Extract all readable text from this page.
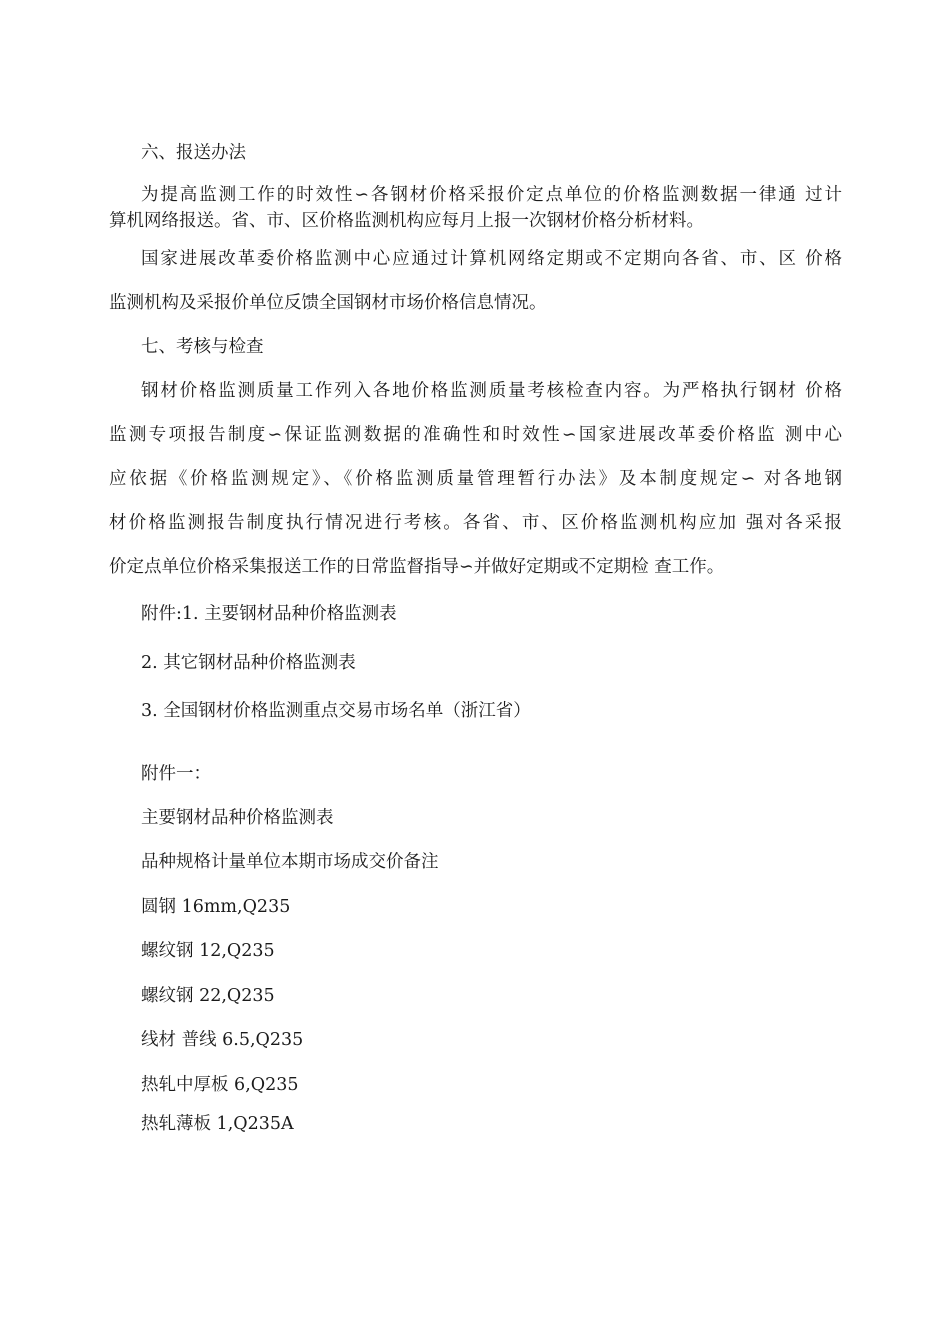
六、报送办法

为提高监测工作的时效性∽各钢材价格采报价定点单位的价格监测数据一律通 过计

算机网络报送。省、市、区价格监测机构应每月上报一次钢材价格分析材料。

国家进展改革委价格监测中心应通过计算机网络定期或不定期向各省、市、区 价格

监测机构及采报价单位反馈全国钢材市场价格信息情况。

七、考核与检查

钢材价格监测质量工作列入各地价格监测质量考核检查内容。为严格执行钢材 价格

监测专项报告制度∽保证监测数据的准确性和时效性∽国家进展改革委价格监 测中心

应依据《价格监测规定》、《价格监测质量管理暂行办法》及本制度规定∽ 对各地钢

材价格监测报告制度执行情况进行考核。各省、市、区价格监测机构应加 强对各采报

价定点单位价格采集报送工作的日常监督指导∽并做好定期或不定期检 查工作。

附件:1. 主要钢材品种价格监测表

2. 其它钢材品种价格监测表

3. 全国钢材价格监测重点交易市场名单（浙江省）

附件一：

主要钢材品种价格监测表

品种规格计量单位本期市场成交价备注

圆钢 16mm,Q235

螺纹钢 12,Q235

螺纹钢 22,Q235

线材 普线 6.5,Q235

热轧中厚板 6,Q235

热轧薄板 1,Q235A
